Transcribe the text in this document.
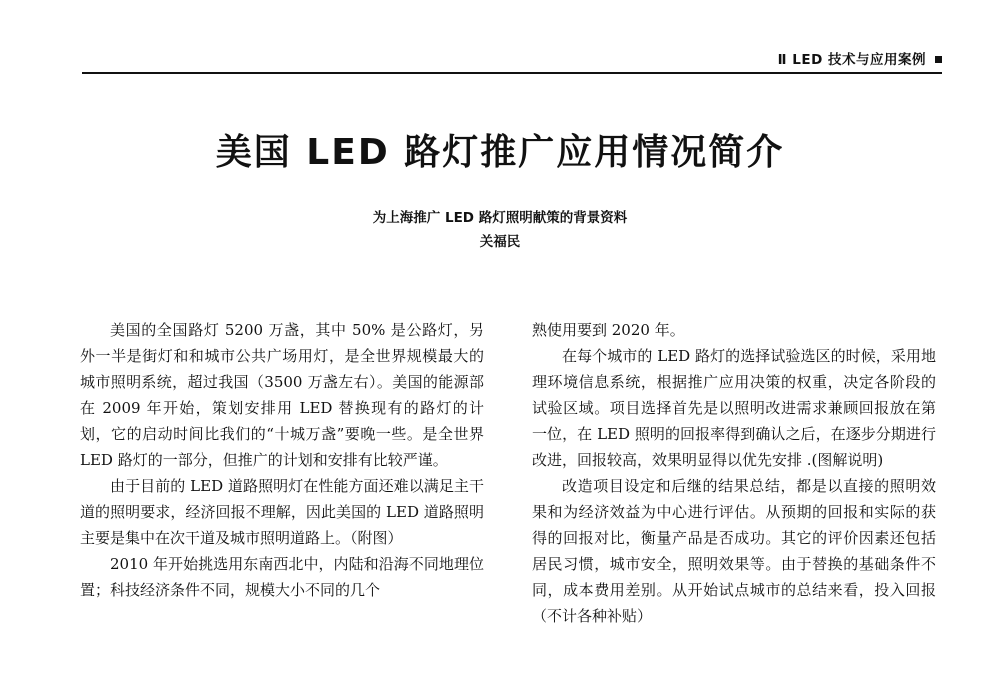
Ⅱ LED 技术与应用案例
美国 LED 路灯推广应用情况简介
为上海推广 LED 路灯照明献策的背景资料
关福民

美国的全国路灯 5200 万盏，其中 50% 是公路灯，另外一半是街灯和和城市公共广场用灯，是全世界规模最大的城市照明系统，超过我国（3500 万盏左右）。美国的能源部在 2009 年开始，策划安排用 LED 替换现有的路灯的计划，它的启动时间比我们的“十城万盏”要晚一些。是全世界 LED 路灯的一部分，但推广的计划和安排有比较严谨。

由于目前的 LED 道路照明灯在性能方面还难以满足主干道的照明要求，经济回报不理解，因此美国的 LED 道路照明主要是集中在次干道及城市照明道路上。（附图）

2010 年开始挑选用东南西北中，内陆和沿海不同地理位置；科技经济条件不同，规模大小不同的几个

熟使用要到 2020 年。

在每个城市的 LED 路灯的选择试验选区的时候，采用地理环境信息系统，根据推广应用决策的权重，决定各阶段的试验区域。项目选择首先是以照明改进需求兼顾回报放在第一位，在 LED 照明的回报率得到确认之后，在逐步分期进行改进，回报较高，效果明显得以优先安排 .(图解说明)

改造项目设定和后继的结果总结，都是以直接的照明效果和为经济效益为中心进行评估。从预期的回报和实际的获得的回报对比，衡量产品是否成功。其它的评价因素还包括居民习惯，城市安全，照明效果等。由于替换的基础条件不同，成本费用差别。从开始试点城市的总结来看，投入回报（不计各种补贴）
